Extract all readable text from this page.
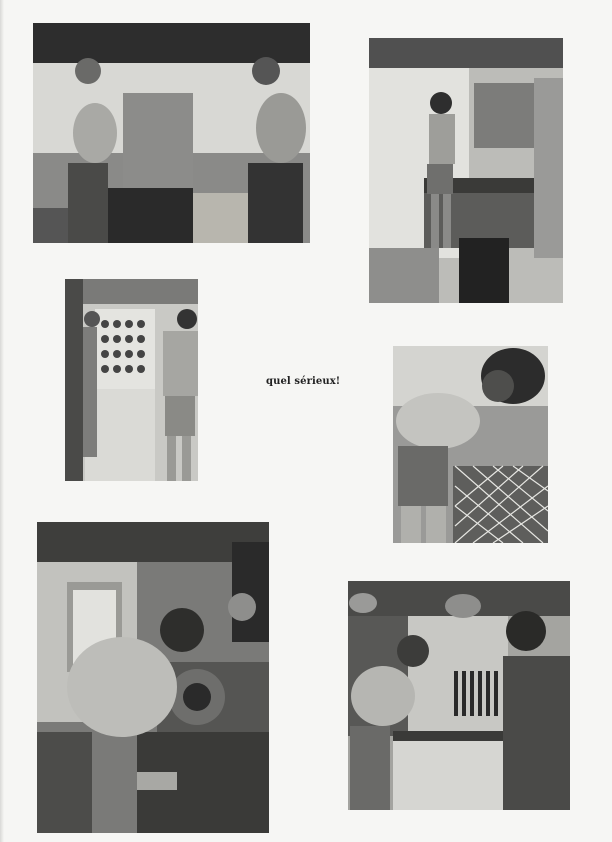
quel sérieux!
